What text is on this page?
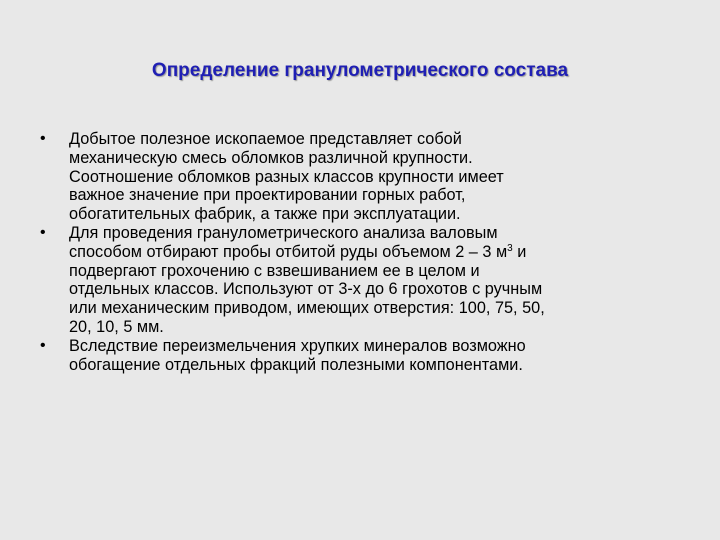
Определение гранулометрического состава
• Добытое полезное ископаемое представляет собой
механическую смесь обломков различной крупности.
Соотношение обломков разных классов крупности имеет
важное значение при проектировании горных работ,
обогатительных фабрик, а также при эксплуатации.
• Для проведения гранулометрического анализа валовым
способом отбирают пробы отбитой руды объемом 2 – 3 $м^3$ и
подвергают грохочению с взвешиванием ее в целом и
отдельных классов. Используют от 3-х до 6 грохотов с ручным
или механическим приводом, имеющих отверстия: 100, 75, 50,
20, 10, 5 мм.
• Вследствие переизмельчения хрупких минералов возможно
обогащение отдельных фракций полезными компонентами.
